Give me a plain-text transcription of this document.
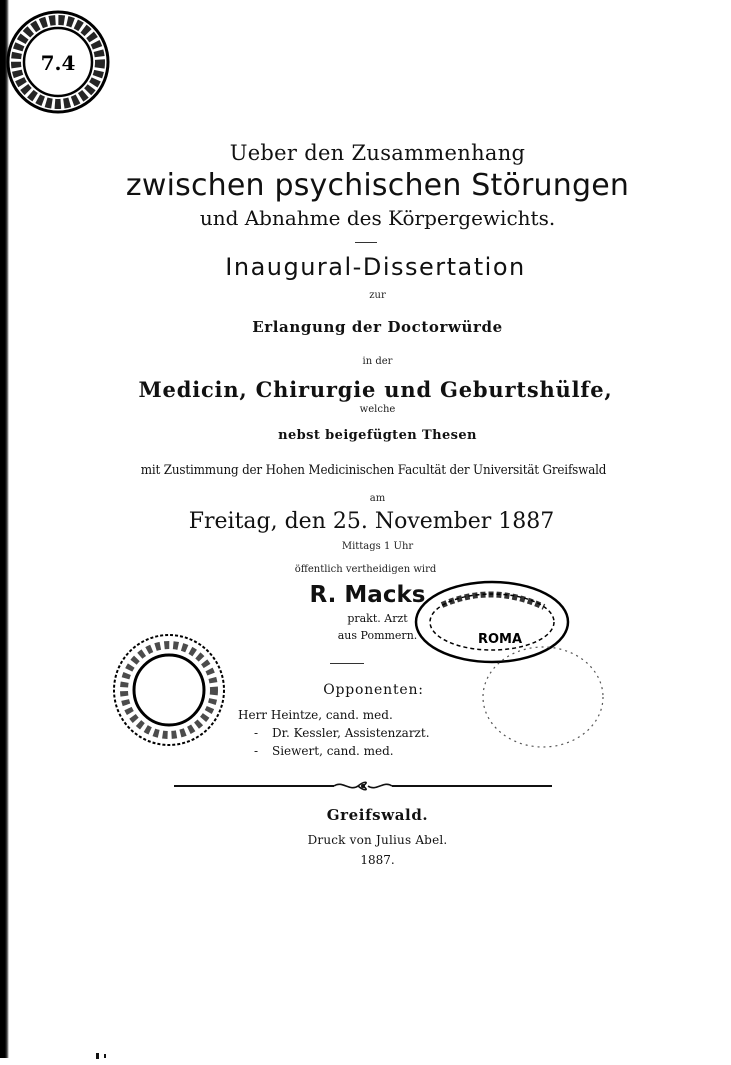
7.4
Ueber den Zusammenhang
zwischen psychischen Störungen
und Abnahme des Körpergewichts.
Inaugural-Dissertation
zur
Erlangung der Doctorwürde
in der
Medicin, Chirurgie und Geburtshülfe,
welche
nebst beigefügten Thesen
mit Zustimmung der Hohen Medicinischen Facultät der Universität Greifswald
am
Freitag, den 25. November 1887
Mittags 1 Uhr
öffentlich vertheidigen wird
R. Macks
prakt. Arzt
aus Pommern.
Opponenten:
Herr Heintze, cand. med.
- Dr. Kessler, Assistenzarzt.
- Siewert, cand. med.
Greifswald.
Druck von Julius Abel.
1887.
ROMA
